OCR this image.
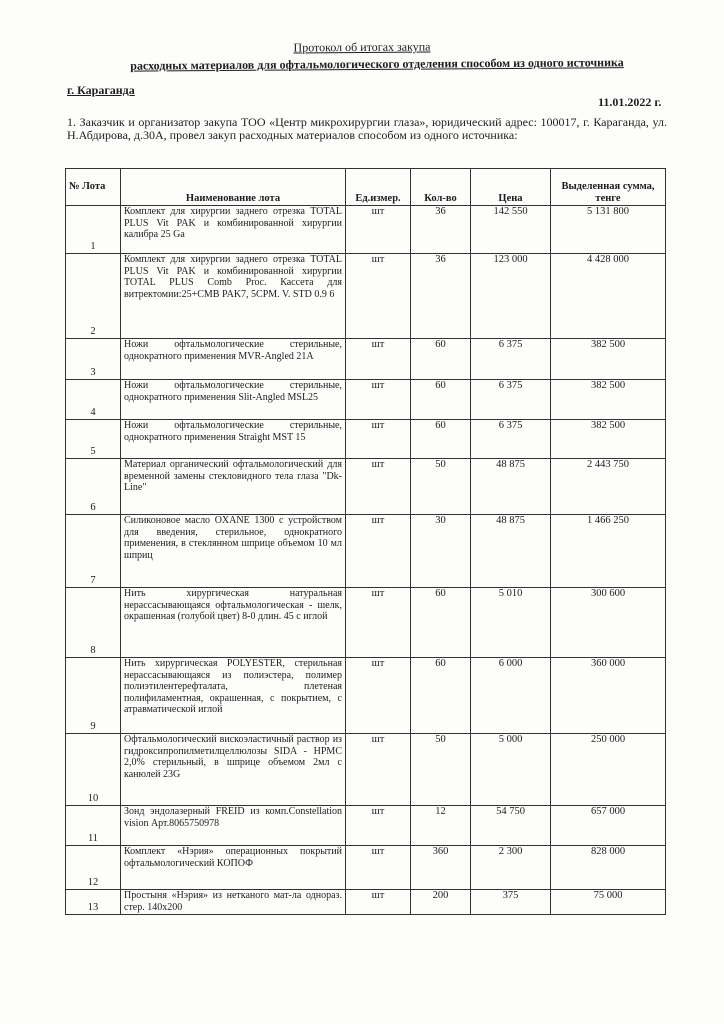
Протокол об итогах закупа
расходных материалов для офтальмологического отделения способом из одного источника
г. Караганда
11.01.2022 г.
1. Заказчик и организатор закупа ТОО «Центр микрохирургии глаза», юридический адрес: 100017, г. Караганда, ул. Н.Абдирова, д.30А, провел закуп расходных материалов способом из одного источника:
№ Лота	Наименование лота	Ед.измер.	Кол-во	Цена	Выделенная сумма, тенге
1	Комплект для хирургии заднего отрезка TOTAL PLUS Vit PAK и комбинированной хирургии калибра 25 Ga	шт	36	142 550	5 131 800
2	Комплект для хирургии заднего отрезка TOTAL PLUS Vit PAK и комбинированной хирургии TOTAL PLUS Comb Proc. Кассета для витректомии:25+CMB PAK7, 5CPM. V. STD 0.9 6	шт	36	123 000	4 428 000
3	Ножи офтальмологические стерильные, однократного применения MVR-Angled 21A	шт	60	6 375	382 500
4	Ножи офтальмологические стерильные, однократного применения Slit-Angled MSL25	шт	60	6 375	382 500
5	Ножи офтальмологические стерильные, однократного применения Straight MST 15	шт	60	6 375	382 500
6	Материал органический офтальмологический для временной замены стекловидного тела глаза "Dk-Line"	шт	50	48 875	2 443 750
7	Силиконовое масло OXANE 1300 с устройством для введения, стерильное, однократного применения, в стеклянном шприце объемом 10 мл шприц	шт	30	48 875	1 466 250
8	Нить хирургическая натуральная нерассасывающаяся офтальмологическая - шелк, окрашенная (голубой цвет) 8-0 длин. 45 с иглой	шт	60	5 010	300 600
9	Нить хирургическая POLYESTER, стерильная нерассасывающаяся из полиэстера, полимер полиэтилентерефталата, плетеная полифиламентная, окрашенная, с покрытием, с атравматической иглой	шт	60	6 000	360 000
10	Офтальмологический вискоэластичный раствор из гидроксипропилметилцеллюлозы SIDA - HPMC 2,0% стерильный, в шприце объемом 2мл с канюлей 23G	шт	50	5 000	250 000
11	Зонд эндолазерный FREID из комп.Constellation vision Арт.8065750978	шт	12	54 750	657 000
12	Комплект «Нэрия» операционных покрытий офтальмологический КОПОФ	шт	360	2 300	828 000
13	Простыня «Нэрия» из нетканого мат-ла однораз. стер. 140x200	шт	200	375	75 000
